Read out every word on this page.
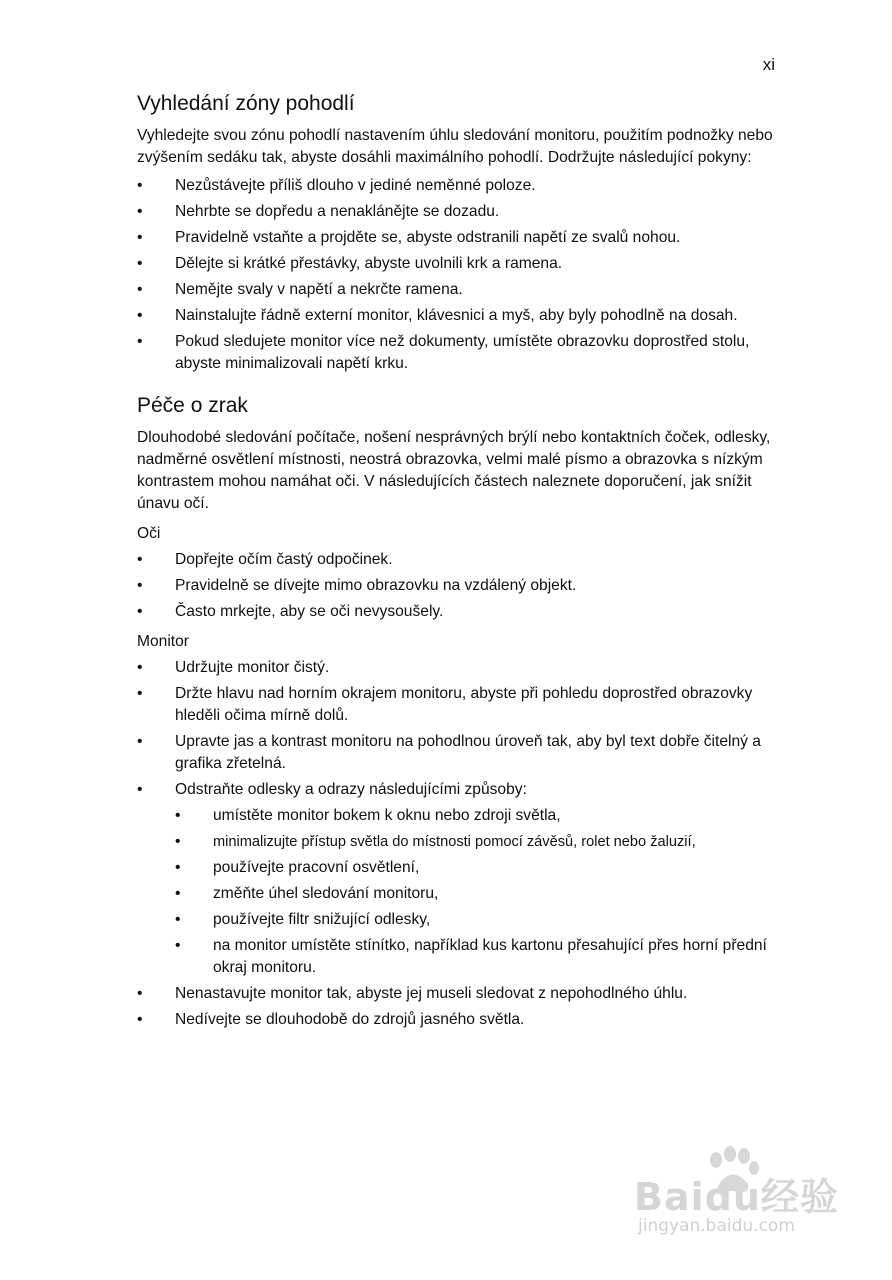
xi
Vyhledání zóny pohodlí

Vyhledejte svou zónu pohodlí nastavením úhlu sledování monitoru, použitím podnožky nebo zvýšením sedáku tak, abyste dosáhli maximálního pohodlí. Dodržujte následující pokyny:

• Nezůstávejte příliš dlouho v jediné neměnné poloze.
• Nehrbte se dopředu a nenaklánějte se dozadu.
• Pravidelně vstaňte a projděte se, abyste odstranili napětí ze svalů nohou.
• Dělejte si krátké přestávky, abyste uvolnili krk a ramena.
• Nemějte svaly v napětí a nekrčte ramena.
• Nainstalujte řádně externí monitor, klávesnici a myš, aby byly pohodlně na dosah.
• Pokud sledujete monitor více než dokumenty, umístěte obrazovku doprostřed stolu, abyste minimalizovali napětí krku.
Péče o zrak

Dlouhodobé sledování počítače, nošení nesprávných brýlí nebo kontaktních čoček, odlesky, nadměrné osvětlení místnosti, neostrá obrazovka, velmi malé písmo a obrazovka s nízkým kontrastem mohou namáhat oči. V následujících částech naleznete doporučení, jak snížit únavu očí.

Oči

• Dopřejte očím častý odpočinek.
• Pravidelně se dívejte mimo obrazovku na vzdálený objekt.
• Často mrkejte, aby se oči nevysoušely.

Monitor

• Udržujte monitor čistý.
• Držte hlavu nad horním okrajem monitoru, abyste při pohledu doprostřed obrazovky hleděli očima mírně dolů.
• Upravte jas a kontrast monitoru na pohodlnou úroveň tak, aby byl text dobře čitelný a grafika zřetelná.
• Odstraňte odlesky a odrazy následujícími způsoby:
• umístěte monitor bokem k oknu nebo zdroji světla,
• minimalizujte přístup světla do místnosti pomocí závěsů, rolet nebo žaluzií,
• používejte pracovní osvětlení,
• změňte úhel sledování monitoru,
• používejte filtr snižující odlesky,
• na monitor umístěte stínítko, například kus kartonu přesahující přes horní přední okraj monitoru.
• Nenastavujte monitor tak, abyste jej museli sledovat z nepohodlného úhlu.
• Nedívejte se dlouhodobě do zdrojů jasného světla.
Baidu经验
jingyan.baidu.com
